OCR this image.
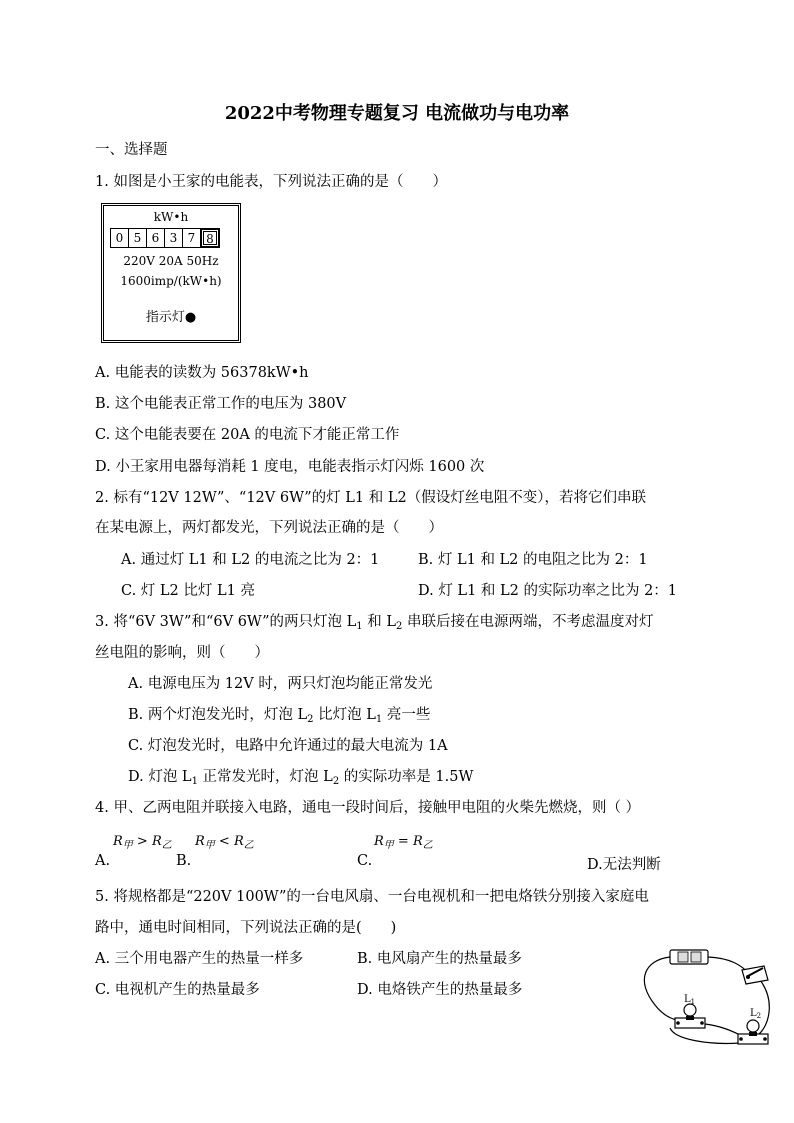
2022中考物理专题复习 电流做功与电功率
一、选择题
1. 如图是小王家的电能表，下列说法正确的是（　　）
kW•h
0 5 6 3 7 8
220V 20A 50Hz
1600imp/(kW•h)
指示灯●
A. 电能表的读数为 56378kW•h
B. 这个电能表正常工作的电压为 380V
C. 这个电能表要在 20A 的电流下才能正常工作
D. 小王家用电器每消耗 1 度电，电能表指示灯闪烁 1600 次
2. 标有“12V 12W”、“12V 6W”的灯 L1 和 L2（假设灯丝电阻不变），若将它们串联
在某电源上，两灯都发光，下列说法正确的是（　　）
A. 通过灯 L1 和 L2 的电流之比为 2：1	B. 灯 L1 和 L2 的电阻之比为 2：1
C. 灯 L2 比灯 L1 亮	D. 灯 L1 和 L2 的实际功率之比为 2：1
3. 将“6V 3W”和“6V 6W”的两只灯泡 $L_1$ 和 $L_2$ 串联后接在电源两端，不考虑温度对灯
丝电阻的影响，则（　　）
A. 电源电压为 12V 时，两只灯泡均能正常发光
B. 两个灯泡发光时，灯泡 $L_2$ 比灯泡 $L_1$ 亮一些
C. 灯泡发光时，电路中允许通过的最大电流为 1A
D. 灯泡 $L_1$ 正常发光时，灯泡 $L_2$ 的实际功率是 1.5W
4. 甲、乙两电阻并联接入电路，通电一段时间后，接触甲电阻的火柴先燃烧，则（ ）
$R_甲 > R_乙$ $R_甲 < R_乙$	$R_甲 = R_乙$
A.	B.	C.	D.无法判断
5. 将规格都是“220V 100W”的一台电风扇、一台电视机和一把电烙铁分别接入家庭电
路中，通电时间相同，下列说法正确的是(　　)
A. 三个用电器产生的热量一样多	B. 电风扇产生的热量最多
C. 电视机产生的热量最多	D. 电烙铁产生的热量最多
$L_1$
$L_2$
